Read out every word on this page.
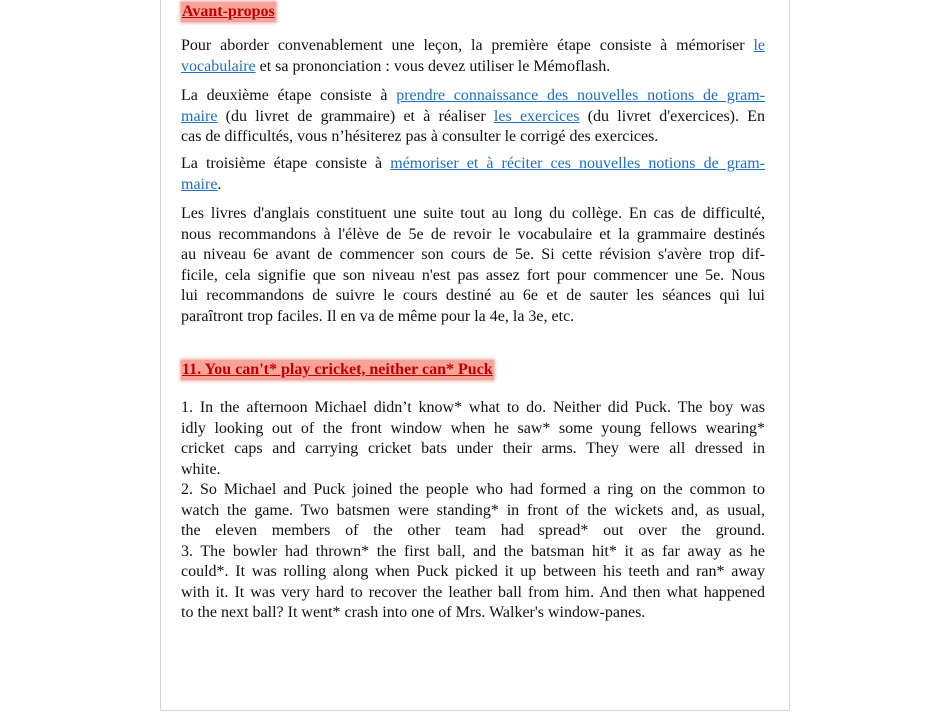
Avant-propos

Pour aborder convenablement une leçon, la première étape consiste à mémoriser le
vocabulaire et sa prononciation : vous devez utiliser le Mémoflash.

La deuxième étape consiste à prendre connaissance des nouvelles notions de gram-
maire (du livret de grammaire) et à réaliser les exercices (du livret d'exercices). En
cas de difficultés, vous n’hésiterez pas à consulter le corrigé des exercices.

La troisième étape consiste à mémoriser et à réciter ces nouvelles notions de gram-
maire.

Les livres d'anglais constituent une suite tout au long du collège. En cas de difficulté,
nous recommandons à l'élève de 5e de revoir le vocabulaire et la grammaire destinés
au niveau 6e avant de commencer son cours de 5e. Si cette révision s'avère trop dif-
ficile, cela signifie que son niveau n'est pas assez fort pour commencer une 5e. Nous
lui recommandons de suivre le cours destiné au 6e et de sauter les séances qui lui
paraîtront trop faciles. Il en va de même pour la 4e, la 3e, etc.

11. You can't* play cricket, neither can* Puck

1. In the afternoon Michael didn’t know* what to do. Neither did Puck. The boy was
idly looking out of the front window when he saw* some young fellows wearing*
cricket caps and carrying cricket bats under their arms. They were all dressed in
white.
2. So Michael and Puck joined the people who had formed a ring on the common to
watch the game. Two batsmen were standing* in front of the wickets and, as usual,
the eleven members of the other team had spread* out over the ground.
3. The bowler had thrown* the first ball, and the batsman hit* it as far away as he
could*. It was rolling along when Puck picked it up between his teeth and ran* away
with it. It was very hard to recover the leather ball from him. And then what happened
to the next ball? It went* crash into one of Mrs. Walker's window-panes.
